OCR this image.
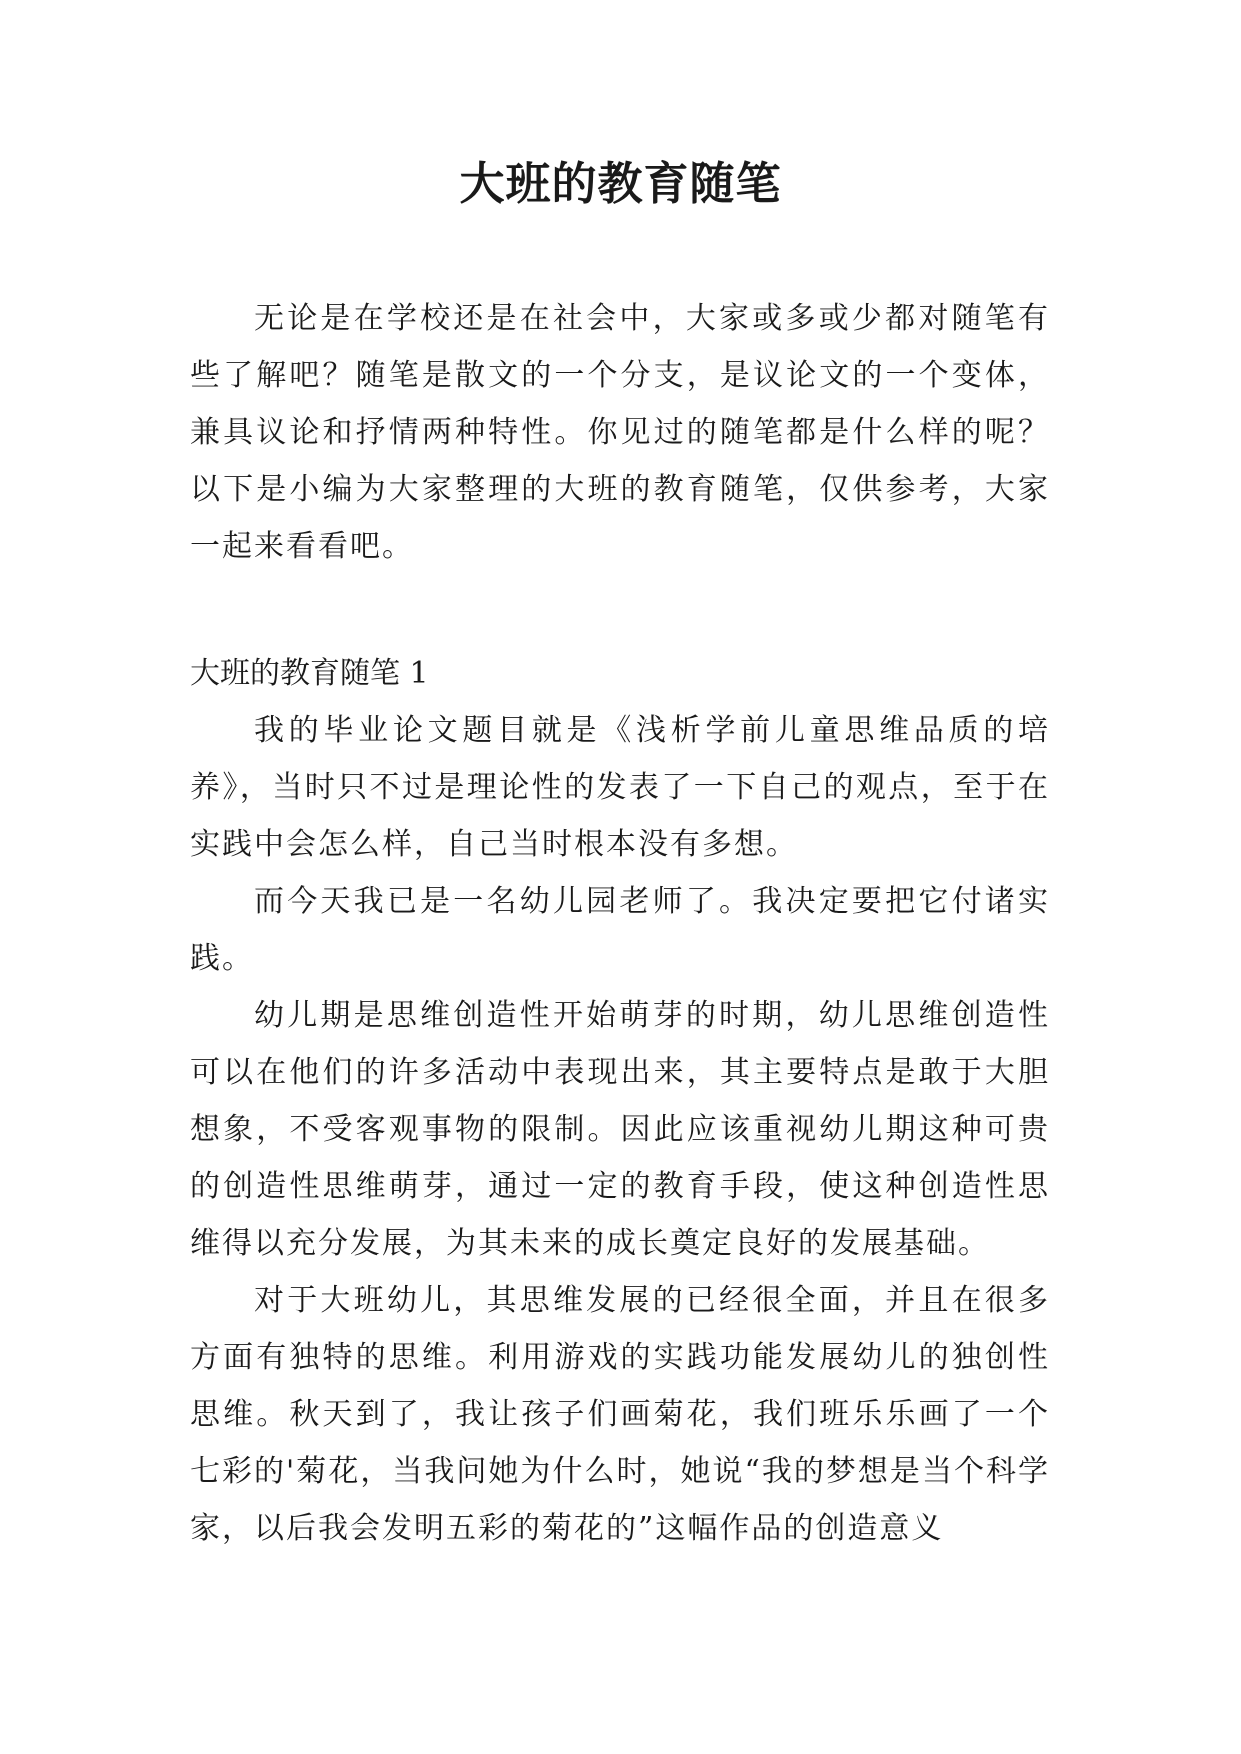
大班的教育随笔

无论是在学校还是在社会中，大家或多或少都对随笔有些了解吧？随笔是散文的一个分支，是议论文的一个变体，兼具议论和抒情两种特性。你见过的随笔都是什么样的呢？以下是小编为大家整理的大班的教育随笔，仅供参考，大家一起来看看吧。

大班的教育随笔 1

我的毕业论文题目就是《浅析学前儿童思维品质的培养》，当时只不过是理论性的发表了一下自己的观点，至于在实践中会怎么样，自己当时根本没有多想。

而今天我已是一名幼儿园老师了。我决定要把它付诸实践。

幼儿期是思维创造性开始萌芽的时期，幼儿思维创造性可以在他们的许多活动中表现出来，其主要特点是敢于大胆想象，不受客观事物的限制。因此应该重视幼儿期这种可贵的创造性思维萌芽，通过一定的教育手段，使这种创造性思维得以充分发展，为其未来的成长奠定良好的发展基础。

对于大班幼儿，其思维发展的已经很全面，并且在很多方面有独特的思维。利用游戏的实践功能发展幼儿的独创性思维。秋天到了，我让孩子们画菊花，我们班乐乐画了一个七彩的'菊花，当我问她为什么时，她说“我的梦想是当个科学家，以后我会发明五彩的菊花的”这幅作品的创造意义
